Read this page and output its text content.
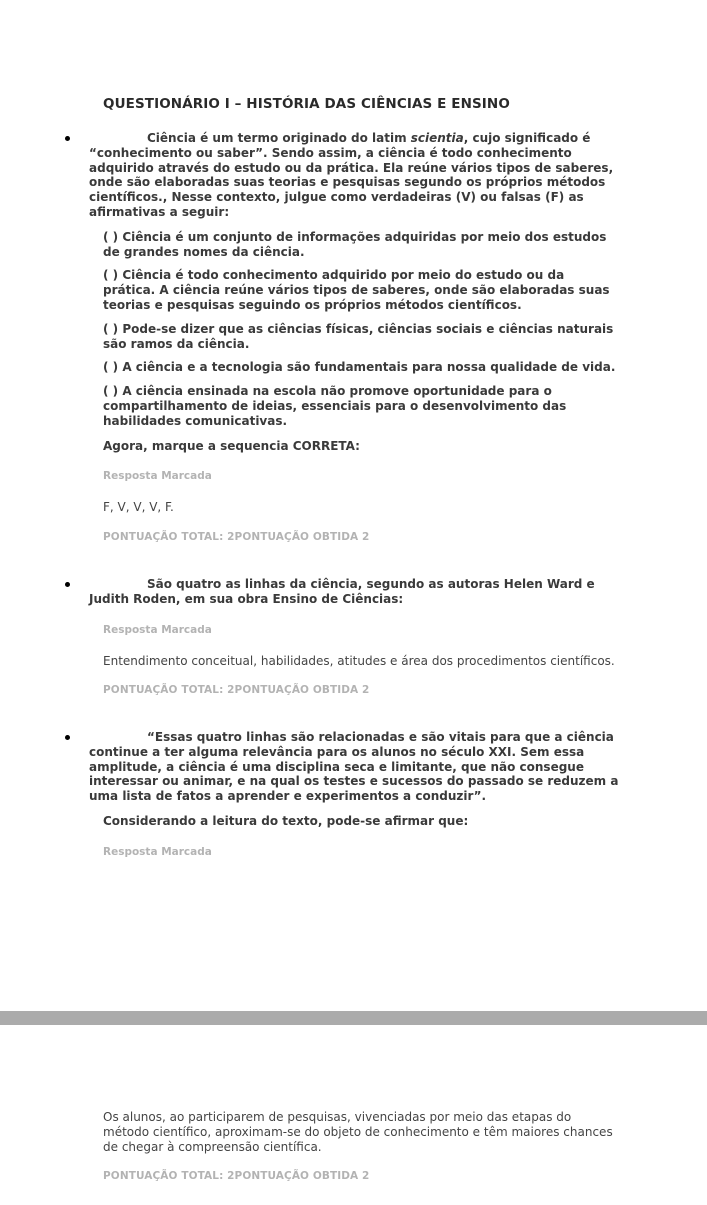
QUESTIONÁRIO I – HISTÓRIA DAS CIÊNCIAS E ENSINO

Ciência é um termo originado do latim scientia, cujo significado é “conhecimento ou saber”. Sendo assim, a ciência é todo conhecimento adquirido através do estudo ou da prática. Ela reúne vários tipos de saberes, onde são elaboradas suas teorias e pesquisas segundo os próprios métodos científicos., Nesse contexto, julgue como verdadeiras (V) ou falsas (F) as afirmativas a seguir:

( ) Ciência é um conjunto de informações adquiridas por meio dos estudos de grandes nomes da ciência.

( ) Ciência é todo conhecimento adquirido por meio do estudo ou da prática. A ciência reúne vários tipos de saberes, onde são elaboradas suas teorias e pesquisas seguindo os próprios métodos científicos.

( ) Pode-se dizer que as ciências físicas, ciências sociais e ciências naturais são ramos da ciência.

( ) A ciência e a tecnologia são fundamentais para nossa qualidade de vida.

( ) A ciência ensinada na escola não promove oportunidade para o compartilhamento de ideias, essenciais para o desenvolvimento das habilidades comunicativas.

Agora, marque a sequencia CORRETA:

Resposta Marcada

F, V, V, V, F.

PONTUAÇÃO TOTAL: 2PONTUAÇÃO OBTIDA 2

São quatro as linhas da ciência, segundo as autoras Helen Ward e Judith Roden, em sua obra Ensino de Ciências:

Resposta Marcada

Entendimento conceitual, habilidades, atitudes e área dos procedimentos científicos.

PONTUAÇÃO TOTAL: 2PONTUAÇÃO OBTIDA 2

“Essas quatro linhas são relacionadas e são vitais para que a ciência continue a ter alguma relevância para os alunos no século XXI. Sem essa amplitude, a ciência é uma disciplina seca e limitante, que não consegue interessar ou animar, e na qual os testes e sucessos do passado se reduzem a uma lista de fatos a aprender e experimentos a conduzir”.

Considerando a leitura do texto, pode-se afirmar que:

Resposta Marcada

Os alunos, ao participarem de pesquisas, vivenciadas por meio das etapas do método científico, aproximam-se do objeto de conhecimento e têm maiores chances de chegar à compreensão científica.

PONTUAÇÃO TOTAL: 2PONTUAÇÃO OBTIDA 2
